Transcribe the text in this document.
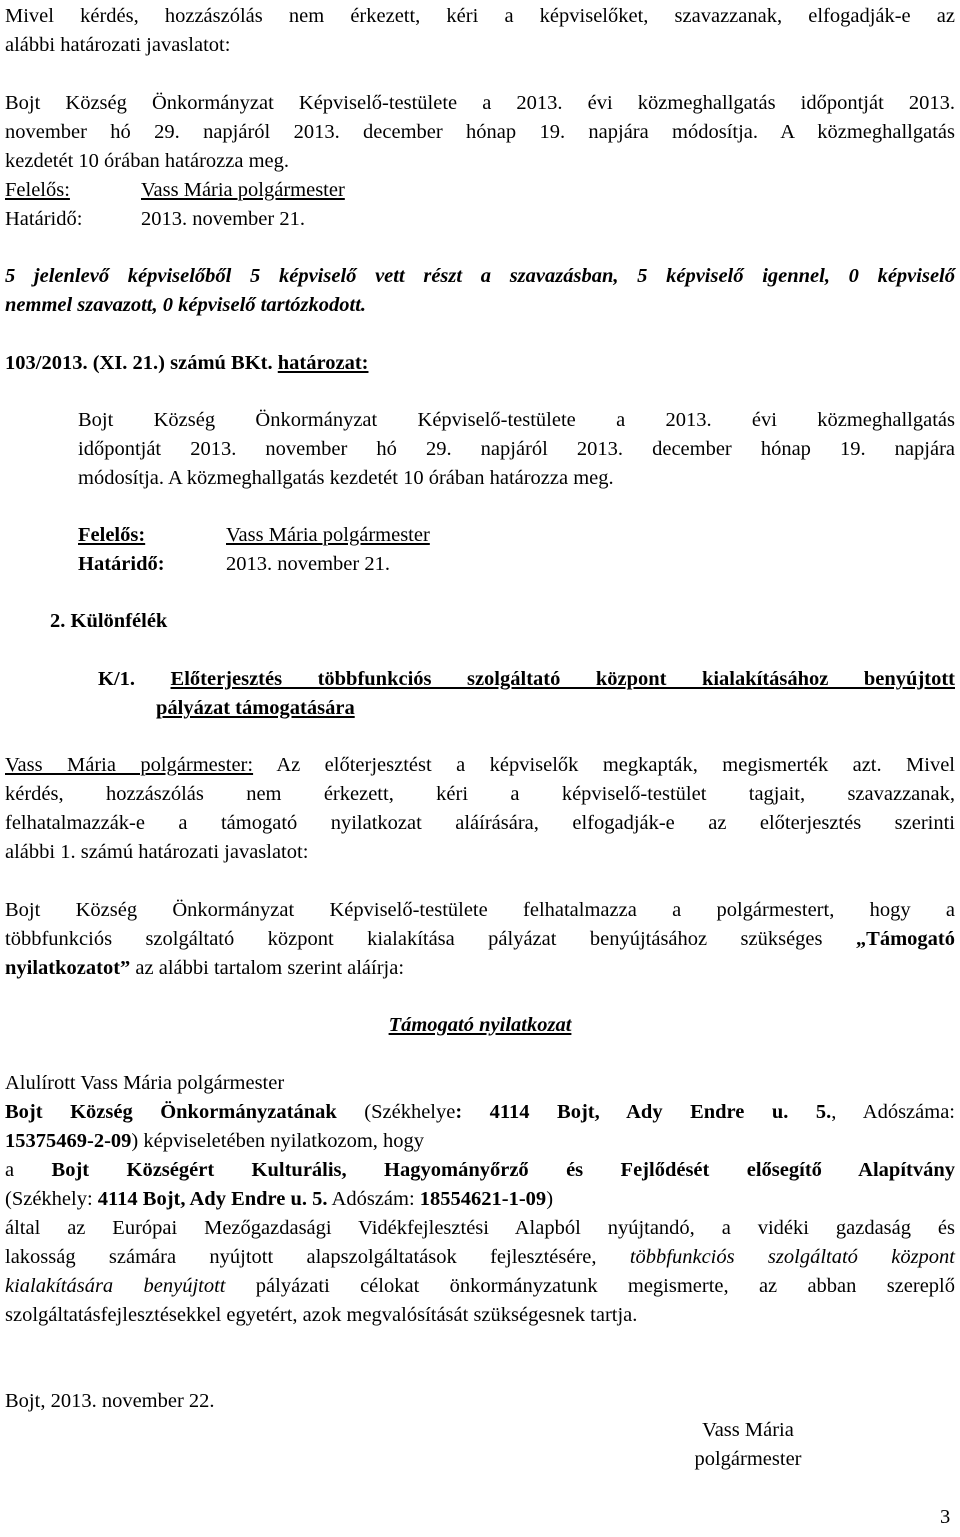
Mivel kérdés, hozzászólás nem érkezett, kéri a képviselőket, szavazzanak, elfogadják-e az
alábbi határozati javaslatot:
Bojt Község Önkormányzat Képviselő-testülete a 2013. évi közmeghallgatás időpontját 2013.
november hó 29. napjáról 2013. december hónap 19. napjára módosítja. A közmeghallgatás
kezdetét 10 órában határozza meg.
Felelős:	Vass Mária polgármester
Határidő:	2013. november 21.
5 jelenlevő képviselőből 5 képviselő vett részt a szavazásban, 5 képviselő igennel, 0 képviselő
nemmel szavazott, 0 képviselő tartózkodott.
103/2013. (XI. 21.) számú BKt. határozat:
Bojt Község Önkormányzat Képviselő-testülete a 2013. évi közmeghallgatás
időpontját 2013. november hó 29. napjáról 2013. december hónap 19. napjára
módosítja. A közmeghallgatás kezdetét 10 órában határozza meg.
Felelős:	Vass Mária polgármester
Határidő:	2013. november 21.
2. Különfélék
K/1. Előterjesztés többfunkciós szolgáltató központ kialakításához benyújtott
pályázat támogatására
Vass Mária polgármester: Az előterjesztést a képviselők megkapták, megismerték azt. Mivel
kérdés, hozzászólás nem érkezett, kéri a képviselő-testület tagjait, szavazzanak,
felhatalmazzák-e a támogató nyilatkozat aláírására, elfogadják-e az előterjesztés szerinti
alábbi 1. számú határozati javaslatot:
Bojt Község Önkormányzat Képviselő-testülete felhatalmazza a polgármestert, hogy a
többfunkciós szolgáltató központ kialakítása pályázat benyújtásához szükséges „Támogató
nyilatkozatot” az alábbi tartalom szerint aláírja:
Támogató nyilatkozat
Alulírott Vass Mária polgármester
Bojt Község Önkormányzatának (Székhelye: 4114 Bojt, Ady Endre u. 5., Adószáma:
15375469-2-09) képviseletében nyilatkozom, hogy
a Bojt Községért Kulturális, Hagyományőrző és Fejlődését elősegítő Alapítvány
(Székhely: 4114 Bojt, Ady Endre u. 5. Adószám: 18554621-1-09)
által az Európai Mezőgazdasági Vidékfejlesztési Alapból nyújtandó, a vidéki gazdaság és
lakosság számára nyújtott alapszolgáltatások fejlesztésére, többfunkciós szolgáltató központ
kialakítására benyújtott pályázati célokat önkormányzatunk megismerte, az abban szereplő
szolgáltatásfejlesztésekkel egyetért, azok megvalósítását szükségesnek tartja.
Bojt, 2013. november 22.
Vass Mária
polgármester
3
